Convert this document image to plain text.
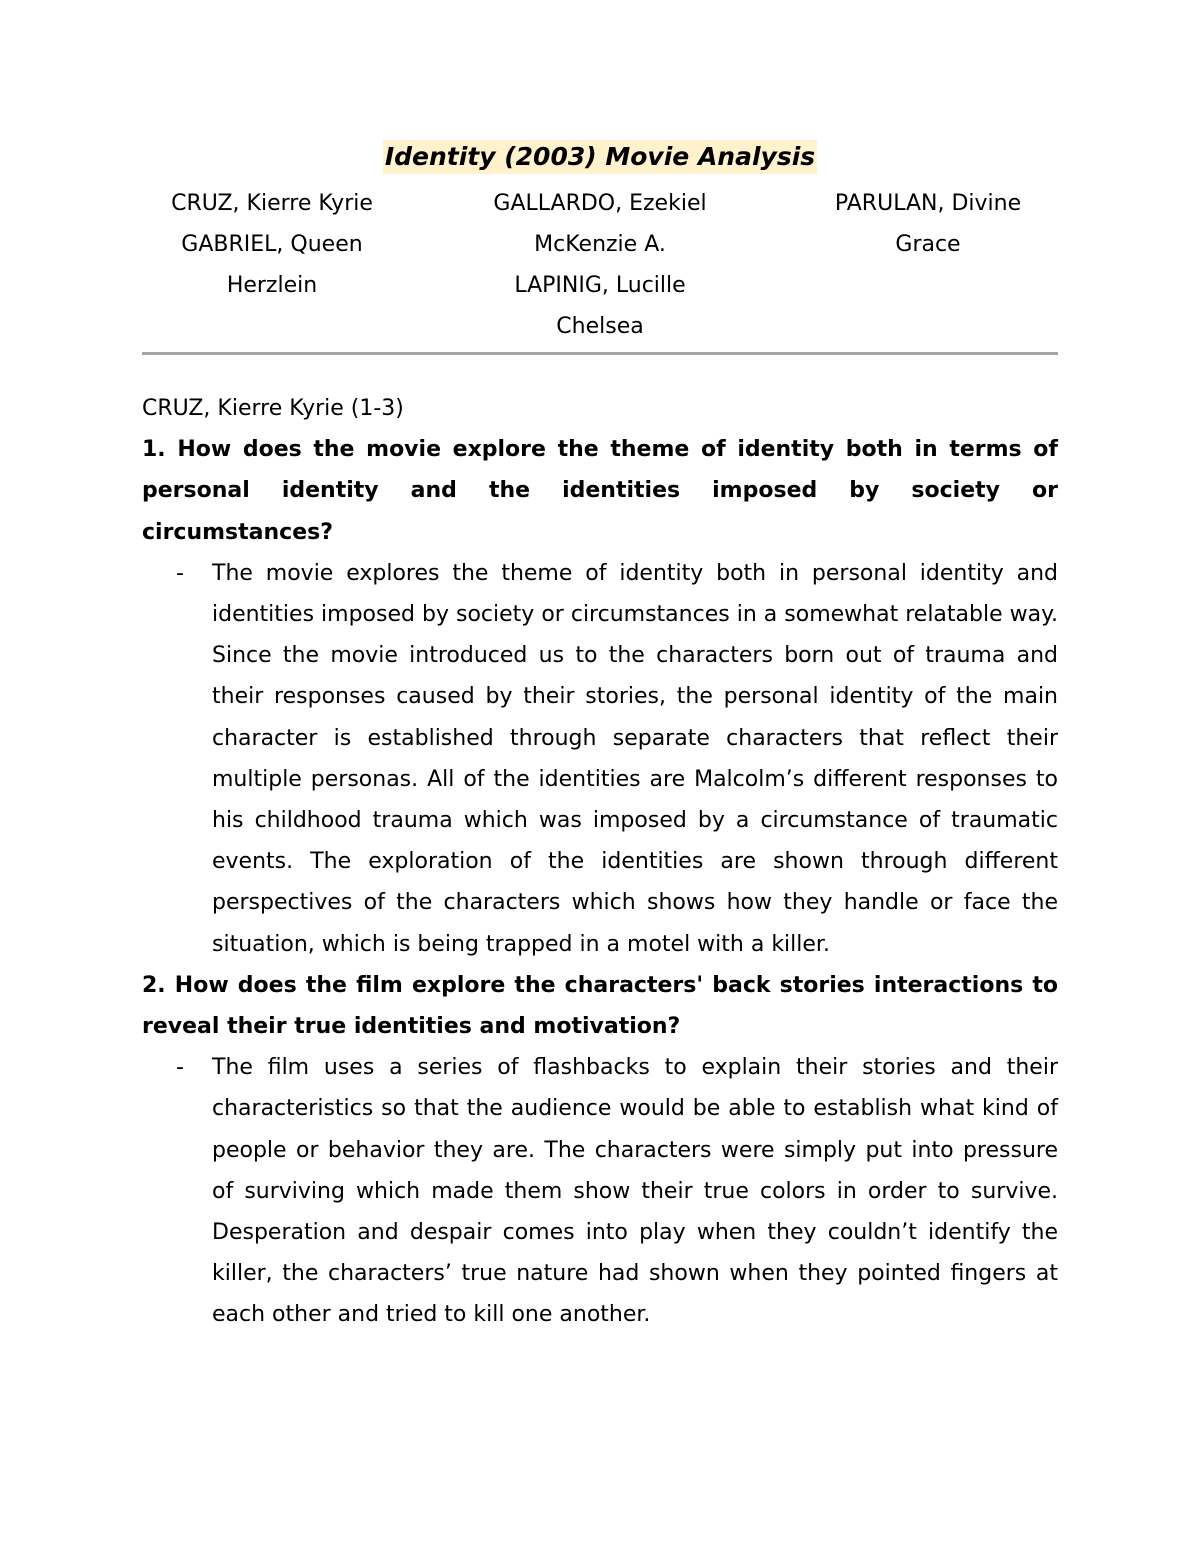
Identity (2003) Movie Analysis
CRUZ, Kierre Kyrie
GABRIEL, Queen
Herzlein
GALLARDO, Ezekiel
McKenzie A.
LAPINIG, Lucille
Chelsea
PARULAN, Divine
Grace
CRUZ, Kierre Kyrie (1-3)
1. How does the movie explore the theme of identity both in terms of personal identity and the identities imposed by society or circumstances?
- The movie explores the theme of identity both in personal identity and identities imposed by society or circumstances in a somewhat relatable way. Since the movie introduced us to the characters born out of trauma and their responses caused by their stories, the personal identity of the main character is established through separate characters that reflect their multiple personas. All of the identities are Malcolm’s different responses to his childhood trauma which was imposed by a circumstance of traumatic events. The exploration of the identities are shown through different perspectives of the characters which shows how they handle or face the situation, which is being trapped in a motel with a killer.
2. How does the film explore the characters' back stories interactions to reveal their true identities and motivation?
- The film uses a series of flashbacks to explain their stories and their characteristics so that the audience would be able to establish what kind of people or behavior they are. The characters were simply put into pressure of surviving which made them show their true colors in order to survive. Desperation and despair comes into play when they couldn’t identify the killer, the characters’ true nature had shown when they pointed fingers at each other and tried to kill one another.
